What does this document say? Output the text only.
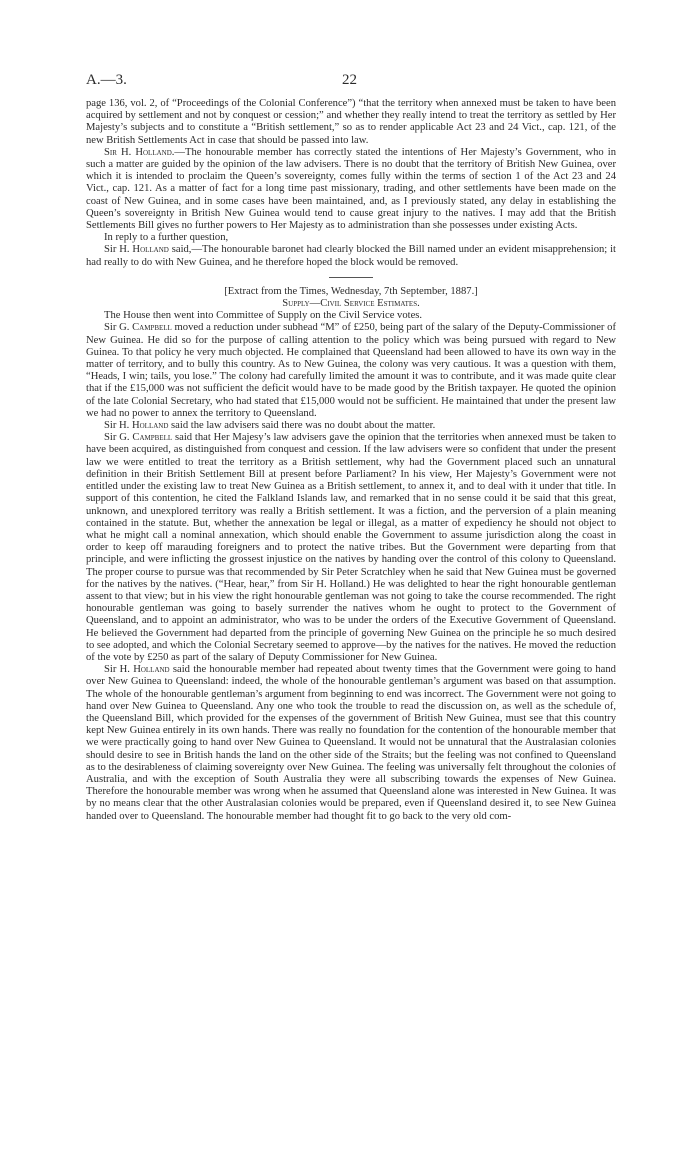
A.—3.	22

page 136, vol. 2, of “Proceedings of the Colonial Conference”) “that the territory when annexed must be taken to have been acquired by settlement and not by conquest or cession;” and whether they really intend to treat the territory as settled by Her Majesty’s subjects and to constitute a “British settlement,” so as to render applicable Act 23 and 24 Vict., cap. 121, of the new British Settlements Act in case that should be passed into law.

Sir H. Holland.—The honourable member has correctly stated the intentions of Her Majesty’s Government, who in such a matter are guided by the opinion of the law advisers. There is no doubt that the territory of British New Guinea, over which it is intended to proclaim the Queen’s sovereignty, comes fully within the terms of section 1 of the Act 23 and 24 Vict., cap. 121. As a matter of fact for a long time past missionary, trading, and other settlements have been made on the coast of New Guinea, and in some cases have been maintained, and, as I previously stated, any delay in establishing the Queen’s sovereignty in British New Guinea would tend to cause great injury to the natives. I may add that the British Settlements Bill gives no further powers to Her Majesty as to administration than she possesses under existing Acts.

In reply to a further question,

Sir H. Holland said,—The honourable baronet had clearly blocked the Bill named under an evident misapprehension; it had really to do with New Guinea, and he therefore hoped the block would be removed.

[Extract from the Times, Wednesday, 7th September, 1887.]

Supply—Civil Service Estimates.

The House then went into Committee of Supply on the Civil Service votes.

Sir G. Campbell moved a reduction under subhead “M” of £250, being part of the salary of the Deputy-Commissioner of New Guinea. He did so for the purpose of calling attention to the policy which was being pursued with regard to New Guinea. To that policy he very much objected. He complained that Queensland had been allowed to have its own way in the matter of territory, and to bully this country. As to New Guinea, the colony was very cautious. It was a question with them, “Heads, I win; tails, you lose.” The colony had carefully limited the amount it was to contribute, and it was made quite clear that if the £15,000 was not sufficient the deficit would have to be made good by the British taxpayer. He quoted the opinion of the late Colonial Secretary, who had stated that £15,000 would not be sufficient. He maintained that under the present law we had no power to annex the territory to Queensland.

Sir H. Holland said the law advisers said there was no doubt about the matter.

Sir G. Campbell said that Her Majesy’s law advisers gave the opinion that the territories when annexed must be taken to have been acquired, as distinguished from conquest and cession. If the law advisers were so confident that under the present law we were entitled to treat the territory as a British settlement, why had the Government placed such an unnatural definition in their British Settlement Bill at present before Parliament? In his view, Her Majesty’s Government were not entitled under the existing law to treat New Guinea as a British settlement, to annex it, and to deal with it under that title. In support of this contention, he cited the Falkland Islands law, and remarked that in no sense could it be said that this great, unknown, and unexplored territory was really a British settlement. It was a fiction, and the perversion of a plain meaning contained in the statute. But, whether the annexation be legal or illegal, as a matter of expediency he should not object to what he might call a nominal annexation, which should enable the Government to assume jurisdiction along the coast in order to keep off marauding foreigners and to protect the native tribes. But the Government were departing from that principle, and were inflicting the grossest injustice on the natives by handing over the control of this colony to Queensland. The proper course to pursue was that recommended by Sir Peter Scratchley when he said that New Guinea must be governed for the natives by the natives. (“Hear, hear,” from Sir H. Holland.) He was delighted to hear the right honourable gentleman assent to that view; but in his view the right honourable gentleman was not going to take the course recommended. The right honourable gentleman was going to basely surrender the natives whom he ought to protect to the Government of Queensland, and to appoint an administrator, who was to be under the orders of the Executive Government of Queensland. He believed the Government had departed from the principle of governing New Guinea on the principle he so much desired to see adopted, and which the Colonial Secretary seemed to approve—by the natives for the natives. He moved the reduction of the vote by £250 as part of the salary of Deputy Commissioner for New Guinea.

Sir H. Holland said the honourable member had repeated about twenty times that the Government were going to hand over New Guinea to Queensland: indeed, the whole of the honourable gentleman’s argument was based on that assumption. The whole of the honourable gentleman’s argument from beginning to end was incorrect. The Government were not going to hand over New Guinea to Queensland. Any one who took the trouble to read the discussion on, as well as the schedule of, the Queensland Bill, which provided for the expenses of the government of British New Guinea, must see that this country kept New Guinea entirely in its own hands. There was really no foundation for the contention of the honourable member that we were practically going to hand over New Guinea to Queensland. It would not be unnatural that the Australasian colonies should desire to see in British hands the land on the other side of the Straits; but the feeling was not confined to Queensland as to the desirableness of claiming sovereignty over New Guinea. The feeling was universally felt throughout the colonies of Australia, and with the exception of South Australia they were all subscribing towards the expenses of New Guinea. Therefore the honourable member was wrong when he assumed that Queensland alone was interested in New Guinea. It was by no means clear that the other Australasian colonies would be prepared, even if Queensland desired it, to see New Guinea handed over to Queensland. The honourable member had thought fit to go back to the very old com-
